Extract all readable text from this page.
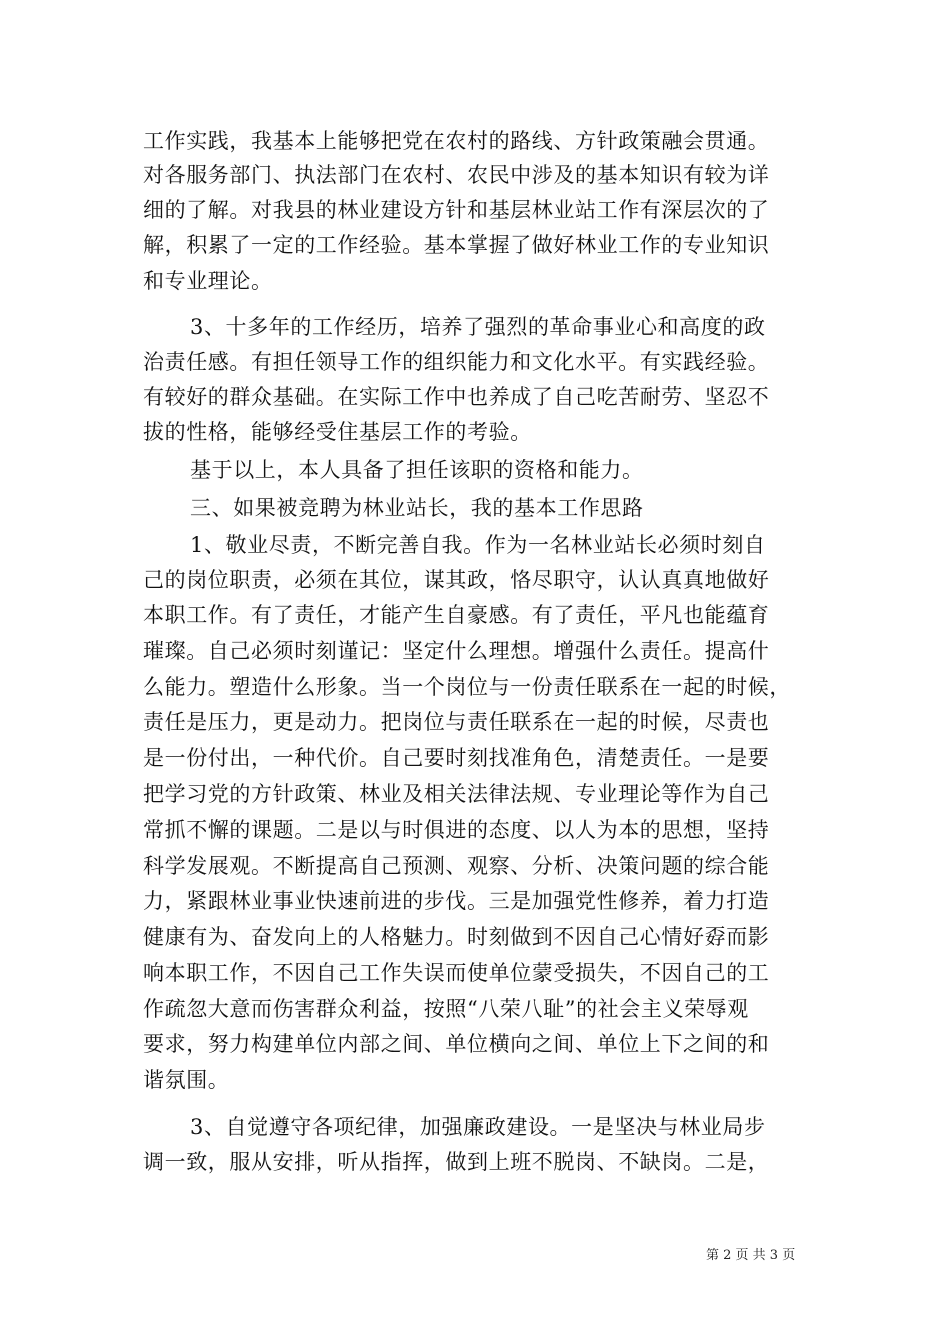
工作实践，我基本上能够把党在农村的路线、方针政策融会贯通。
对各服务部门、执法部门在农村、农民中涉及的基本知识有较为详
细的了解。对我县的林业建设方针和基层林业站工作有深层次的了
解，积累了一定的工作经验。基本掌握了做好林业工作的专业知识
和专业理论。
3、十多年的工作经历，培养了强烈的革命事业心和高度的政
治责任感。有担任领导工作的组织能力和文化水平。有实践经验。
有较好的群众基础。在实际工作中也养成了自己吃苦耐劳、坚忍不
拔的性格，能够经受住基层工作的考验。
基于以上，本人具备了担任该职的资格和能力。
三、如果被竞聘为林业站长，我的基本工作思路
1、敬业尽责，不断完善自我。作为一名林业站长必须时刻自
己的岗位职责，必须在其位，谋其政，恪尽职守，认认真真地做好
本职工作。有了责任，才能产生自豪感。有了责任，平凡也能蕴育
璀璨。自己必须时刻谨记：坚定什么理想。增强什么责任。提高什
么能力。塑造什么形象。当一个岗位与一份责任联系在一起的时候，
责任是压力，更是动力。把岗位与责任联系在一起的时候，尽责也
是一份付出，一种代价。自己要时刻找准角色，清楚责任。一是要
把学习党的方针政策、林业及相关法律法规、专业理论等作为自己
常抓不懈的课题。二是以与时俱进的态度、以人为本的思想，坚持
科学发展观。不断提高自己预测、观察、分析、决策问题的综合能
力，紧跟林业事业快速前进的步伐。三是加强党性修养，着力打造
健康有为、奋发向上的人格魅力。时刻做到不因自己心情好孬而影
响本职工作，不因自己工作失误而使单位蒙受损失，不因自己的工
作疏忽大意而伤害群众利益，按照“八荣八耻”的社会主义荣辱观
要求，努力构建单位内部之间、单位横向之间、单位上下之间的和
谐氛围。
3、自觉遵守各项纪律，加强廉政建设。一是坚决与林业局步
调一致，服从安排，听从指挥，做到上班不脱岗、不缺岗。二是，
第 2 页 共 3 页
